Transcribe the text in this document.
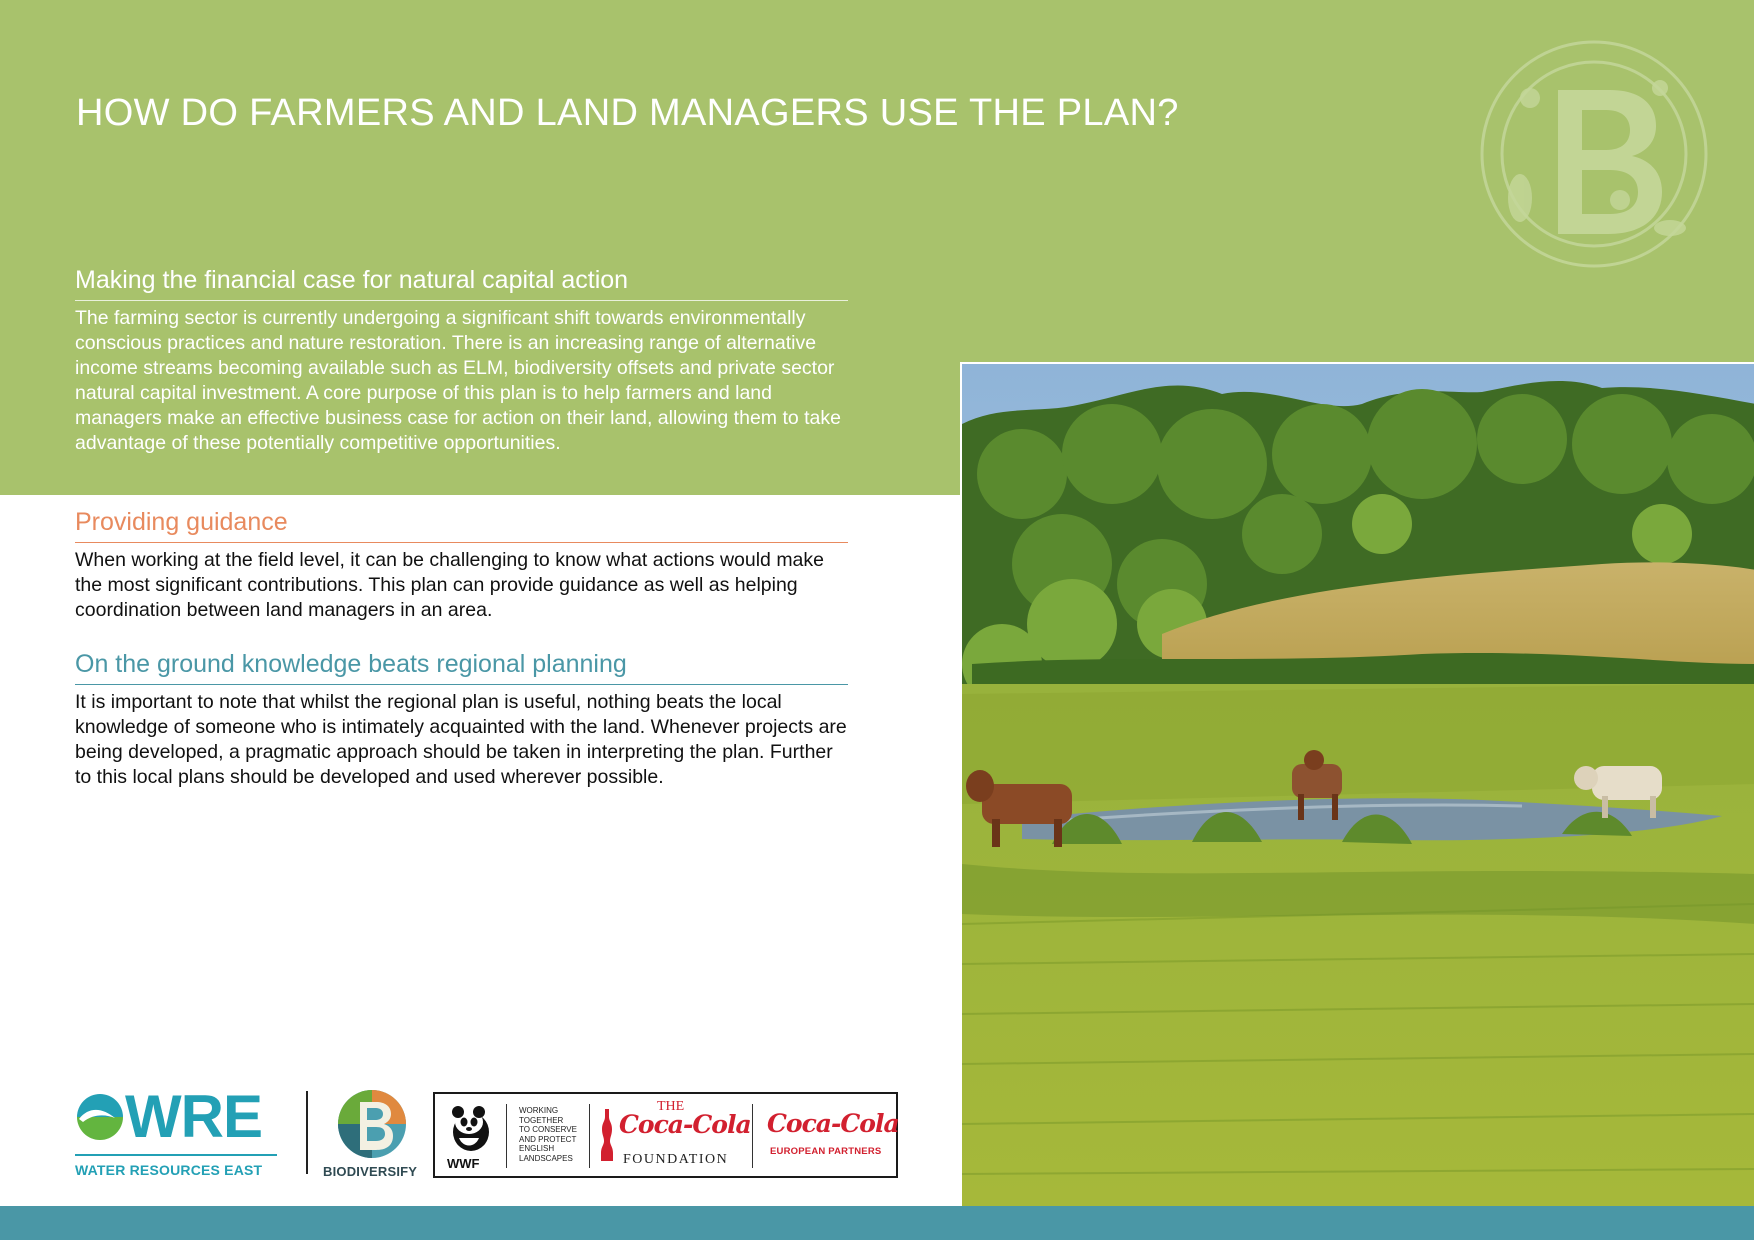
HOW DO FARMERS AND LAND MANAGERS USE THE PLAN?
Making the financial case for natural capital action

The farming sector is currently undergoing a significant shift towards environmentally conscious practices and nature restoration. There is an increasing range of alternative income streams becoming available such as ELM, biodiversity offsets and private sector natural capital investment. A core purpose of this plan is to help farmers and land managers make an effective business case for action on their land, allowing them to take advantage of these potentially competitive opportunities.

Providing guidance

When working at the field level, it can be challenging to know what actions would make the most significant contributions. This plan can provide guidance as well as helping coordination between land managers in an area.

On the ground knowledge beats regional planning

It is important to note that whilst the regional plan is useful, nothing beats the local knowledge of someone who is intimately acquainted with the land. Whenever projects are being developed, a pragmatic approach should be taken in interpreting the plan. Further to this local plans should be developed and used wherever possible.

WRE
WATER RESOURCES EAST	BIODIVERSIFY
WWF
WORKING
TOGETHER
TO CONSERVE
AND PROTECT
ENGLISH
LANDSCAPES
THE
Coca-Cola
FOUNDATION
Coca-Cola
EUROPEAN PARTNERS
